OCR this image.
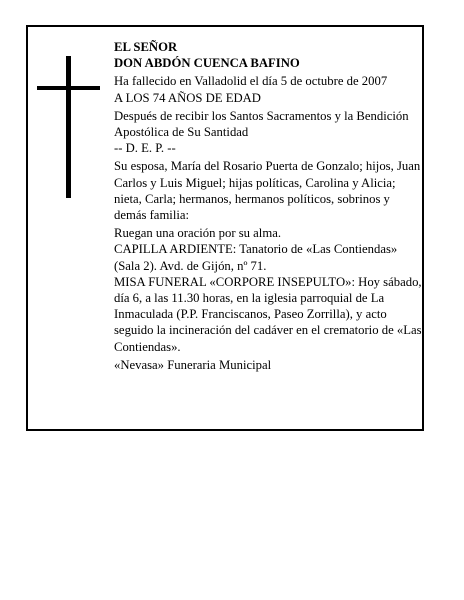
EL SEÑOR

DON ABDÓN CUENCA BAFINO

Ha fallecido en Valladolid el día 5 de octubre de 2007

A LOS 74 AÑOS DE EDAD

Después de recibir los Santos Sacramentos y la Bendición Apostólica de Su Santidad

-- D. E. P. --

Su esposa, María del Rosario Puerta de Gonzalo; hijos, Juan Carlos y Luis Miguel; hijas políticas, Carolina y Alicia; nieta, Carla; hermanos, hermanos políticos, sobrinos y demás familia:

Ruegan una oración por su alma.

CAPILLA ARDIENTE: Tanatorio de «Las Contiendas» (Sala 2). Avd. de Gijón, nº 71.

MISA FUNERAL «CORPORE INSEPULTO»: Hoy sábado, día 6, a las 11.30 horas, en la iglesia parroquial de La Inmaculada (P.P. Franciscanos, Paseo Zorrilla), y acto seguido la incineración del cadáver en el crematorio de «Las Contiendas».

«Nevasa» Funeraria Municipal
